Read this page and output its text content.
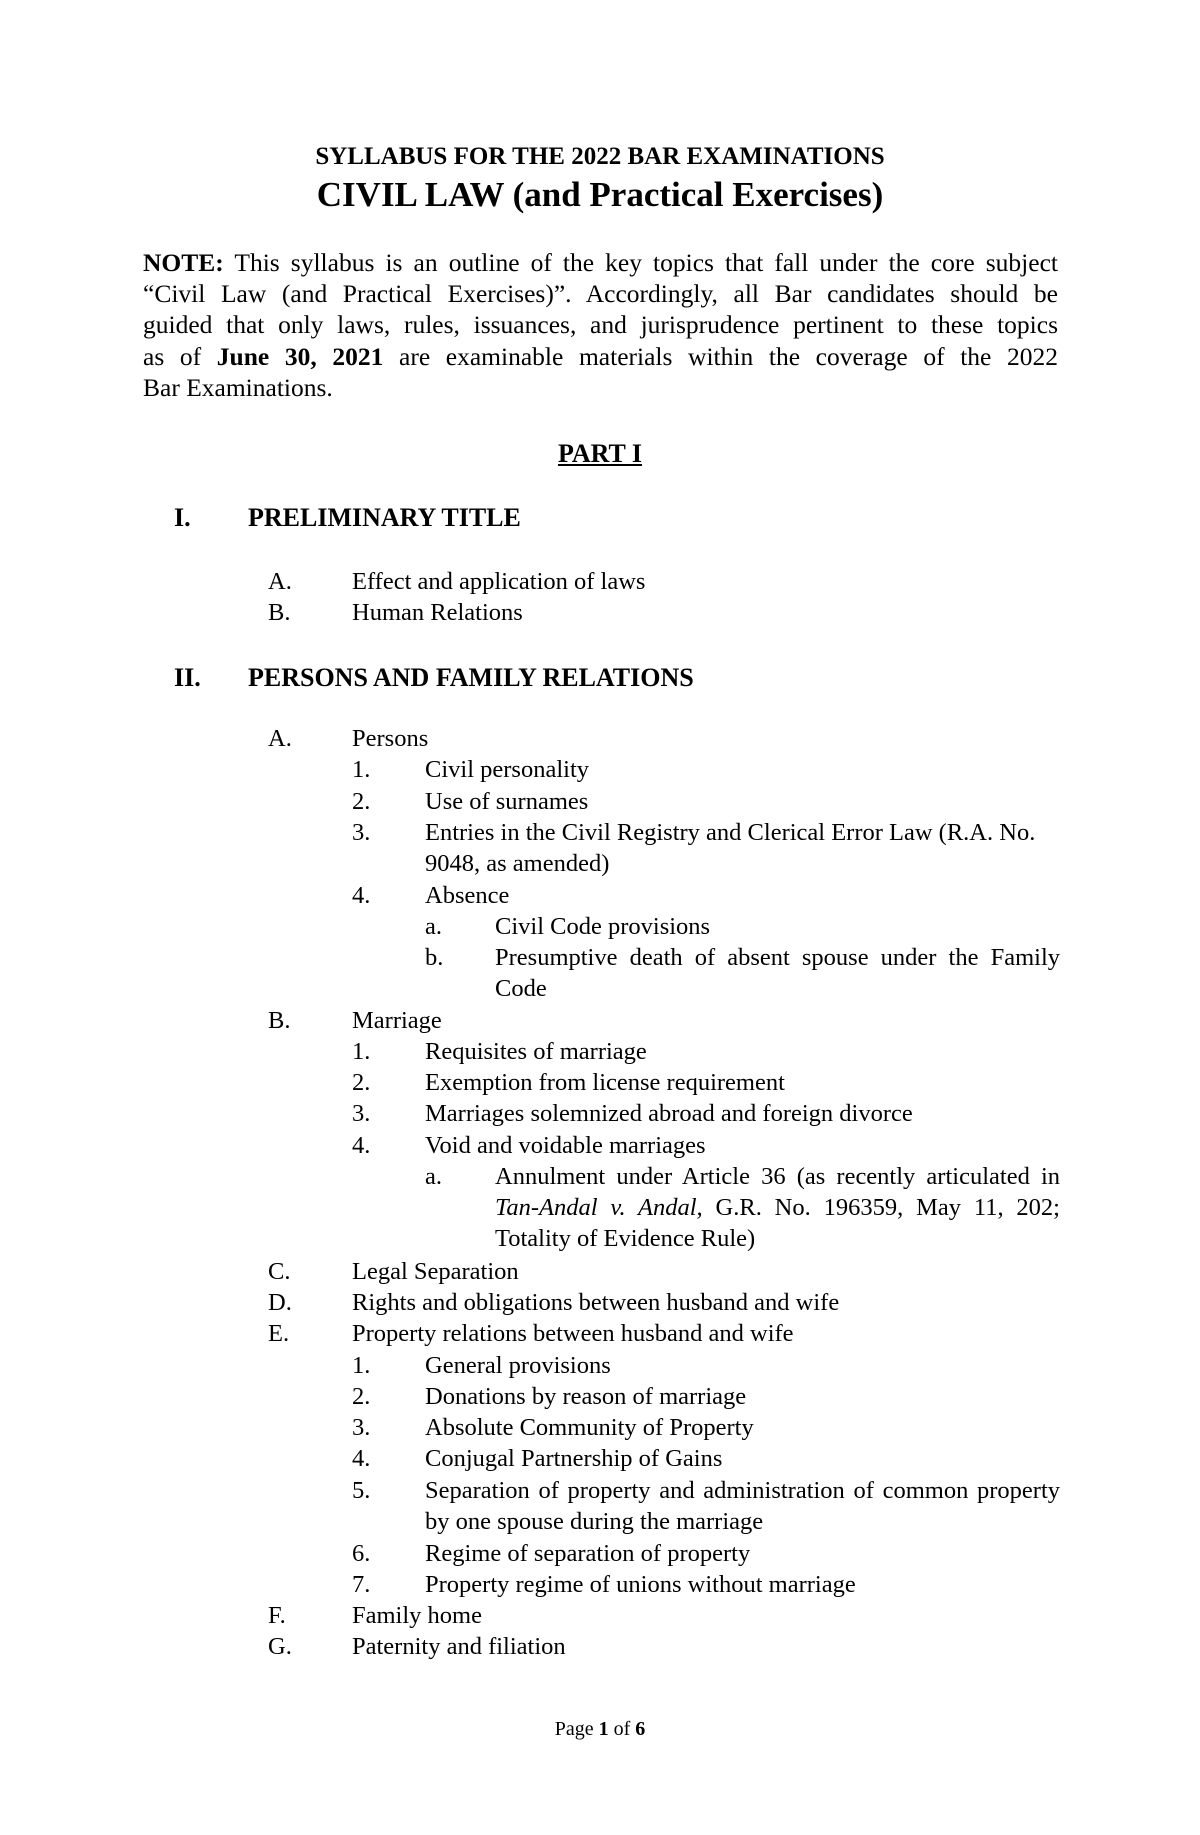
SYLLABUS FOR THE 2022 BAR EXAMINATIONS
CIVIL LAW (and Practical Exercises)
NOTE: This syllabus is an outline of the key topics that fall under the core subject
“Civil Law (and Practical Exercises)”. Accordingly, all Bar candidates should be
guided that only laws, rules, issuances, and jurisprudence pertinent to these topics
as of June 30, 2021 are examinable materials within the coverage of the 2022
Bar Examinations.
PART I
I. PRELIMINARY TITLE
II. PERSONS AND FAMILY RELATIONS
A. Effect and application of laws
B.	Human Relations
A. Persons
1. Civil personality
2. Use of surnames
3. Entries in the Civil Registry and Clerical Error Law (R.A. No. 9048, as amended)
4. Absence
a. Civil Code provisions
b. Presumptive death of absent spouse under the Family Code
B.	Marriage
1. Requisites of marriage
2. Exemption from license requirement
3. Marriages solemnized abroad and foreign divorce
4. Void and voidable marriages
a. Annulment under Article 36 (as recently articulated in Tan-Andal v. Andal, G.R. No. 196359, May 11, 202; Totality of Evidence Rule)
C.	Legal Separation
D. Rights and obligations between husband and wife
E.	Property relations between husband and wife
1. General provisions
2. Donations by reason of marriage
3. Absolute Community of Property
4. Conjugal Partnership of Gains
5. Separation of property and administration of common property by one spouse during the marriage
6. Regime of separation of property
7. Property regime of unions without marriage
F.	Family home
G. Paternity and filiation
Page 1 of 6
